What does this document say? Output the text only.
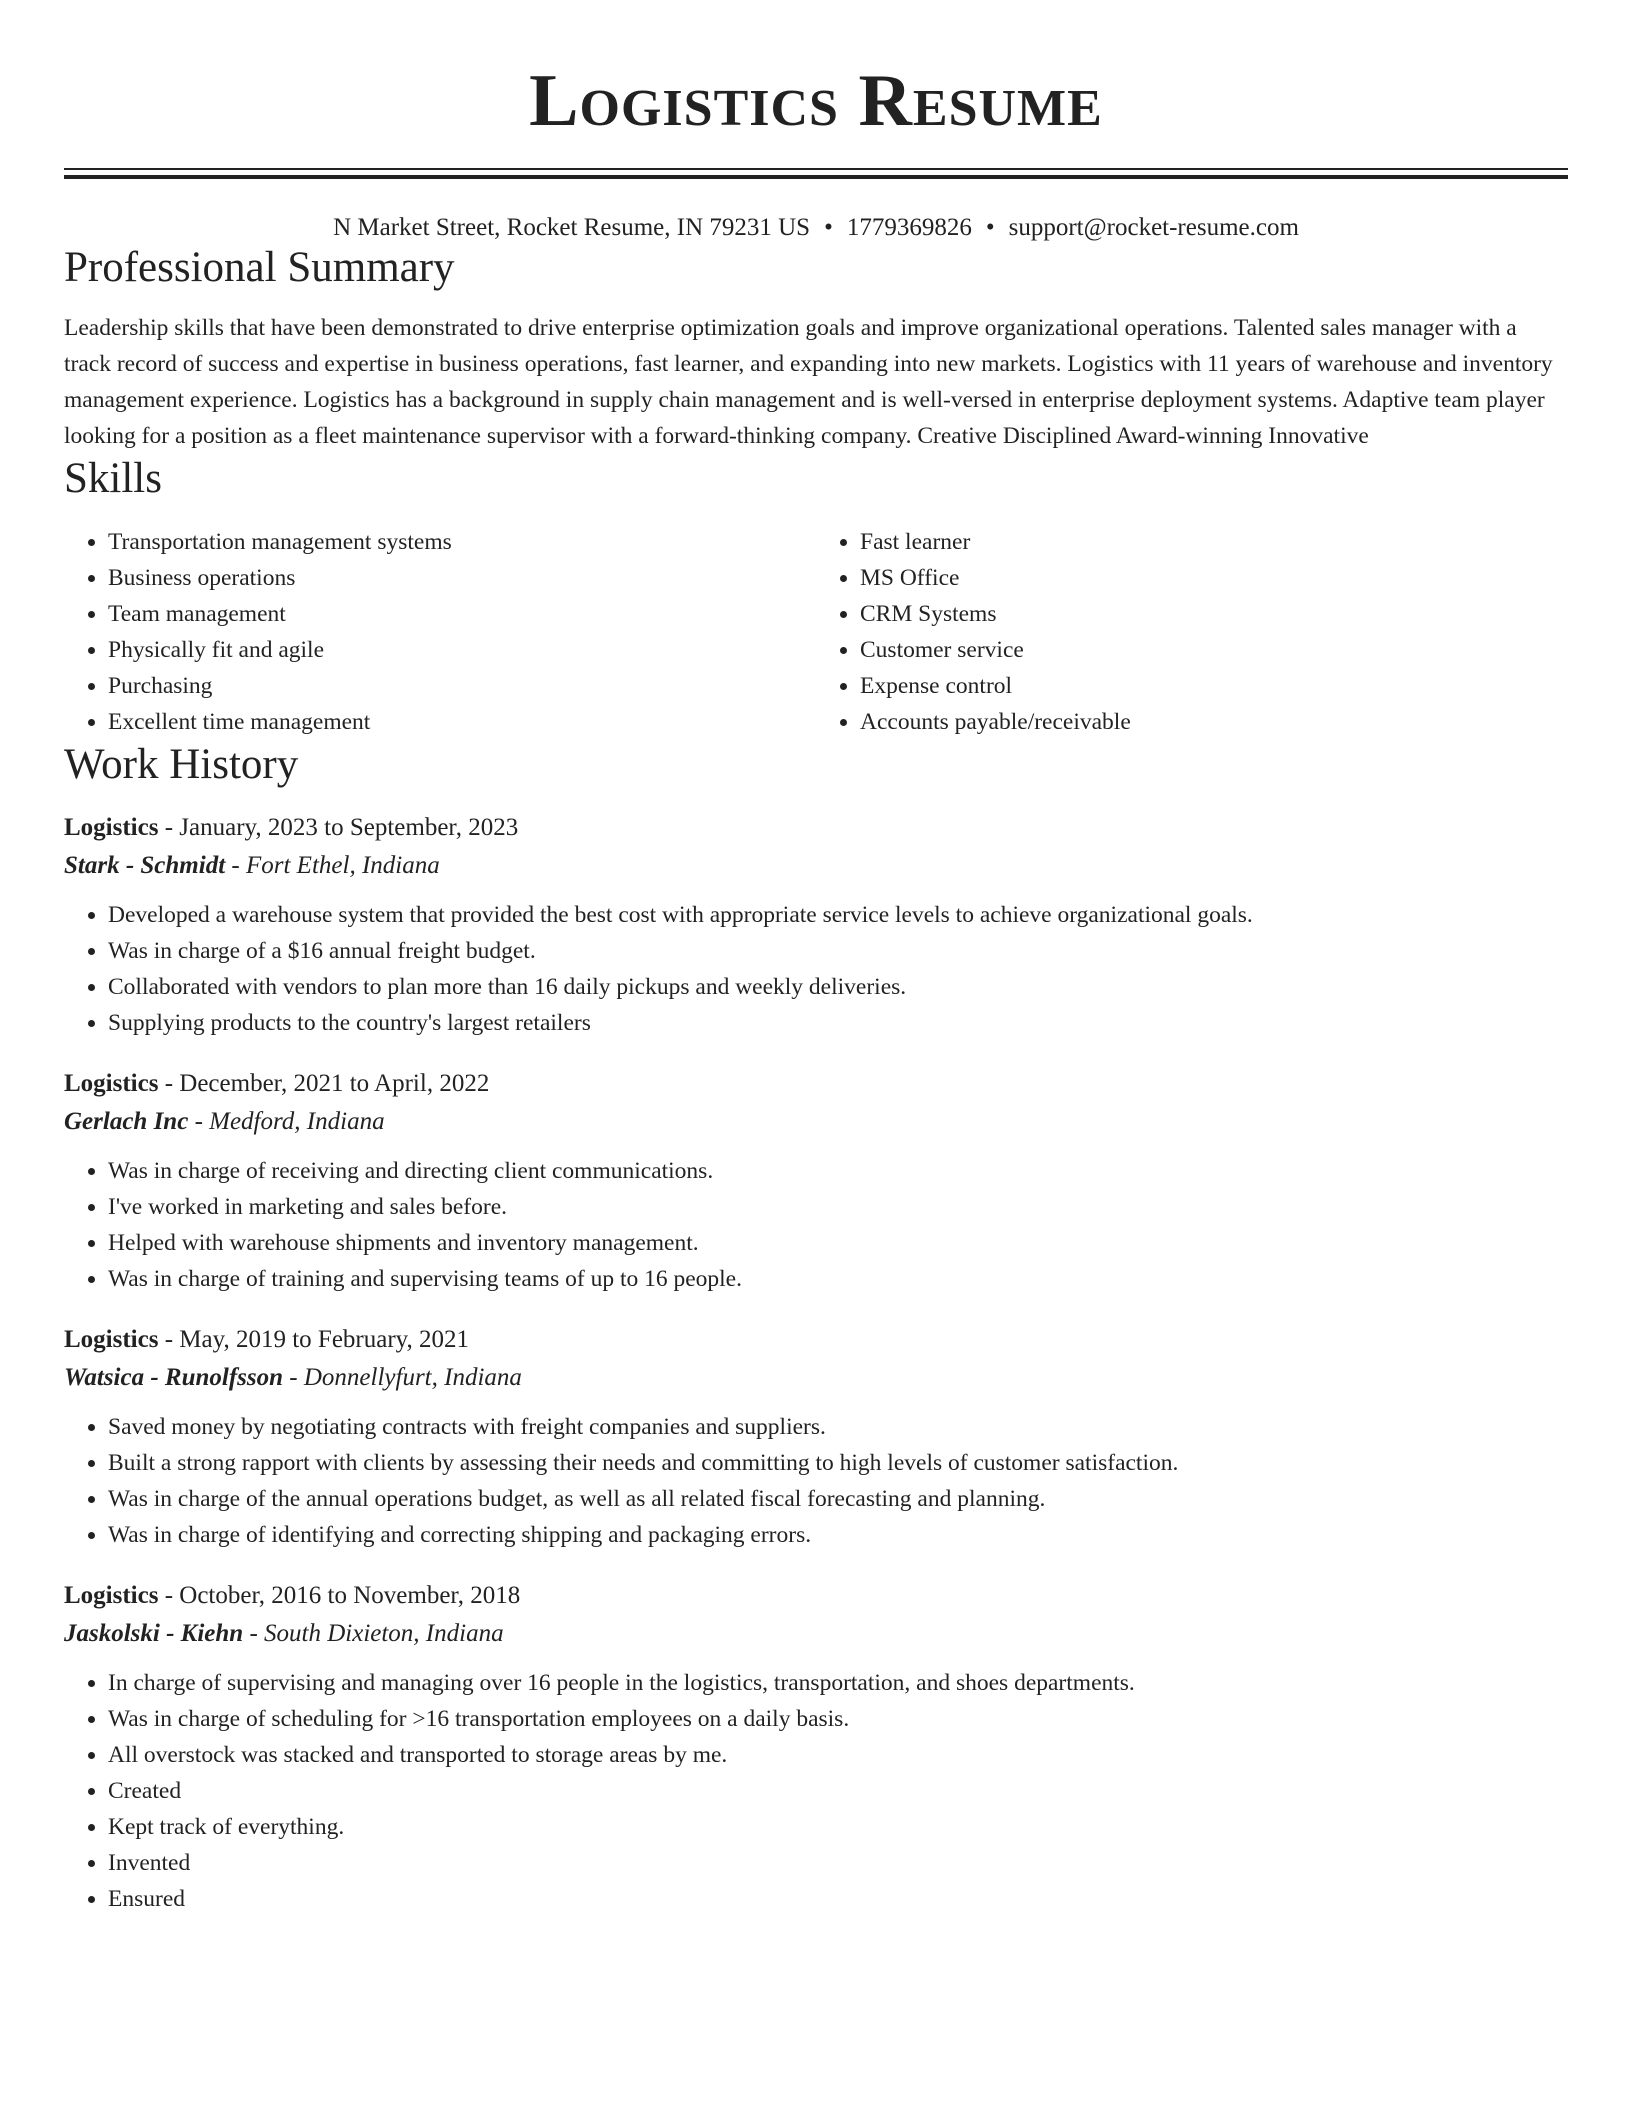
Logistics Resume
N Market Street, Rocket Resume, IN 79231 US • 1779369826 • support@rocket-resume.com
Professional Summary
Leadership skills that have been demonstrated to drive enterprise optimization goals and improve organizational operations. Talented sales manager with a track record of success and expertise in business operations, fast learner, and expanding into new markets. Logistics with 11 years of warehouse and inventory management experience. Logistics has a background in supply chain management and is well-versed in enterprise deployment systems. Adaptive team player looking for a position as a fleet maintenance supervisor with a forward-thinking company. Creative Disciplined Award-winning Innovative
Skills
• Transportation management systems
• Business operations
• Team management
• Physically fit and agile
• Purchasing
• Excellent time management
• Fast learner
• MS Office
• CRM Systems
• Customer service
• Expense control
• Accounts payable/receivable
Work History
Logistics - January, 2023 to September, 2023
Stark - Schmidt - Fort Ethel, Indiana
• Developed a warehouse system that provided the best cost with appropriate service levels to achieve organizational goals.
• Was in charge of a $16 annual freight budget.
• Collaborated with vendors to plan more than 16 daily pickups and weekly deliveries.
• Supplying products to the country's largest retailers
Logistics - December, 2021 to April, 2022
Gerlach Inc - Medford, Indiana
• Was in charge of receiving and directing client communications.
• I've worked in marketing and sales before.
• Helped with warehouse shipments and inventory management.
• Was in charge of training and supervising teams of up to 16 people.
Logistics - May, 2019 to February, 2021
Watsica - Runolfsson - Donnellyfurt, Indiana
• Saved money by negotiating contracts with freight companies and suppliers.
• Built a strong rapport with clients by assessing their needs and committing to high levels of customer satisfaction.
• Was in charge of the annual operations budget, as well as all related fiscal forecasting and planning.
• Was in charge of identifying and correcting shipping and packaging errors.
Logistics - October, 2016 to November, 2018
Jaskolski - Kiehn - South Dixieton, Indiana
• In charge of supervising and managing over 16 people in the logistics, transportation, and shoes departments.
• Was in charge of scheduling for >16 transportation employees on a daily basis.
• All overstock was stacked and transported to storage areas by me.
• Created
• Kept track of everything.
• Invented
• Ensured
